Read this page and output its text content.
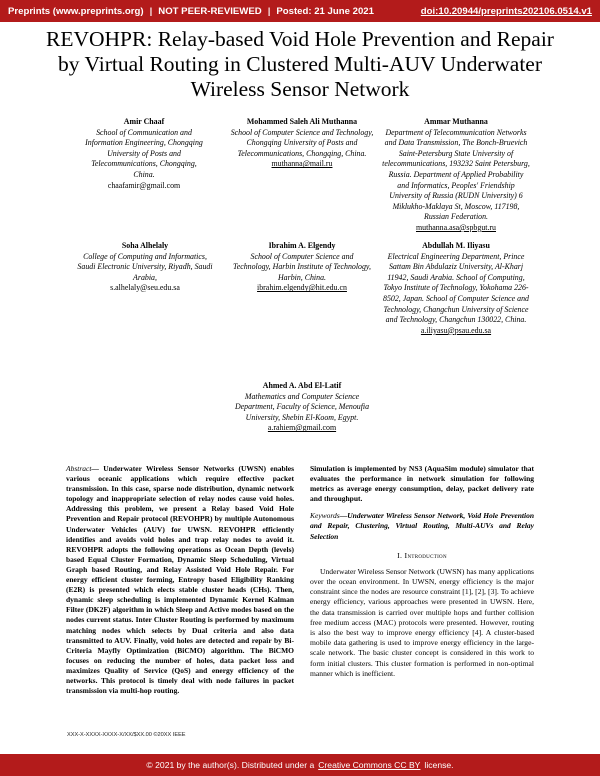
Preprints (www.preprints.org) | NOT PEER-REVIEWED | Posted: 21 June 2021	doi:10.20944/preprints202106.0514.v1
REVOHPR: Relay-based Void Hole Prevention and Repair by Virtual Routing in Clustered Multi-AUV Underwater Wireless Sensor Network
Amir Chaaf
School of Communication and Information Engineering, Chongqing University of Posts and Telecommunications, Chongqing, China.
chaafamir@gmail.com
Mohammed Saleh Ali Muthanna
School of Computer Science and Technology, Chongqing University of Posts and Telecommunications, Chongqing, China.
muthanna@mail.ru
Ammar Muthanna
Department of Telecommunication Networks and Data Transmission, The Bonch-Bruevich Saint-Petersburg State University of telecommunications, 193232 Saint Petersburg, Russia. Department of Applied Probability and Informatics, Peoples' Friendship University of Russia (RUDN University) 6 Miklukho-Maklaya St, Moscow, 117198, Russian Federation.
muthanna.asa@spbgut.ru
Soha Alhelaly
College of Computing and Informatics, Saudi Electronic University, Riyadh, Saudi Arabia,
s.alhelaly@seu.edu.sa
Ibrahim A. Elgendy
School of Computer Science and Technology, Harbin Institute of Technology, Harbin, China.
ibrahim.elgendy@hit.edu.cn
Abdullah M. Iliyasu
Electrical Engineering Department, Prince Sattam Bin Abdulaziz University, Al-Kharj 11942, Saudi Arabia. School of Computing, Tokyo Institute of Technology, Yokohama 226-8502, Japan. School of Computer Science and Technology, Changchun University of Science and Technology, Changchun 130022, China.
a.iliyasu@psau.edu.sa
Ahmed A. Abd El-Latif
Mathematics and Computer Science Department, Faculty of Science, Menoufia University, Shebin El-Koom, Egypt.
a.rahiem@gmail.com
Abstract— Underwater Wireless Sensor Networks (UWSN) enables various oceanic applications which require effective packet transmission. In this case, sparse node distribution, dynamic network topology and inappropriate selection of relay nodes cause void holes. Addressing this problem, we present a Relay based Void Hole Prevention and Repair protocol (REVOHPR) by multiple Autonomous Underwater Vehicles (AUV) for UWSN. REVOHPR efficiently identifies and avoids void holes and trap relay nodes to avoid it. REVOHPR adopts the following operations as Ocean Depth (levels) based Equal Cluster Formation, Dynamic Sleep Scheduling, Virtual Graph based Routing, and Relay Assisted Void Hole Repair. For energy efficient cluster forming, Entropy based Eligibility Ranking (E2R) is presented which elects stable cluster heads (CHs). Then, dynamic sleep scheduling is implemented Dynamic Kernel Kalman Filter (DK2F) algorithm in which Sleep and Active modes based on the nodes current status. Inter Cluster Routing is performed by maximum matching nodes which selects by Dual criteria and also data transmitted to AUV. Finally, void holes are detected and repair by Bi-Criteria Mayfly Optimization (BiCMO) algorithm. The BiCMO focuses on reducing the number of holes, data packet loss and maximizes Quality of Service (QoS) and energy efficiency of the networks. This protocol is timely deal with node failures in packet transmission via multi-hop routing.
Simulation is implemented by NS3 (AquaSim module) simulator that evaluates the performance in network simulation for following metrics as average energy consumption, delay, packet delivery rate and throughput.
Keywords—Underwater Wireless Sensor Network, Void Hole Prevention and Repair, Clustering, Virtual Routing, Multi-AUVs and Relay Selection
I. Introduction
Underwater Wireless Sensor Network (UWSN) has many applications over the ocean environment. In UWSN, energy efficiency is the major constraint since the nodes are resource constraint [1], [2], [3]. To achieve energy efficiency, various approaches were presented in UWSN. Here, the data transmission is carried over multiple hops and further collision free medium access (MAC) protocols were presented. However, routing is also the best way to improve energy efficiency [4]. A cluster-based mobile data gathering is used to improve energy efficiency in the large-scale network. The basic cluster concept is considered in this work to form initial clusters. This cluster formation is performed in non-optimal manner which is inefficient.
XXX-X-XXXX-XXXX-X/XX/$XX.00 ©20XX IEEE
© 2021 by the author(s). Distributed under a Creative Commons CC BY license.
